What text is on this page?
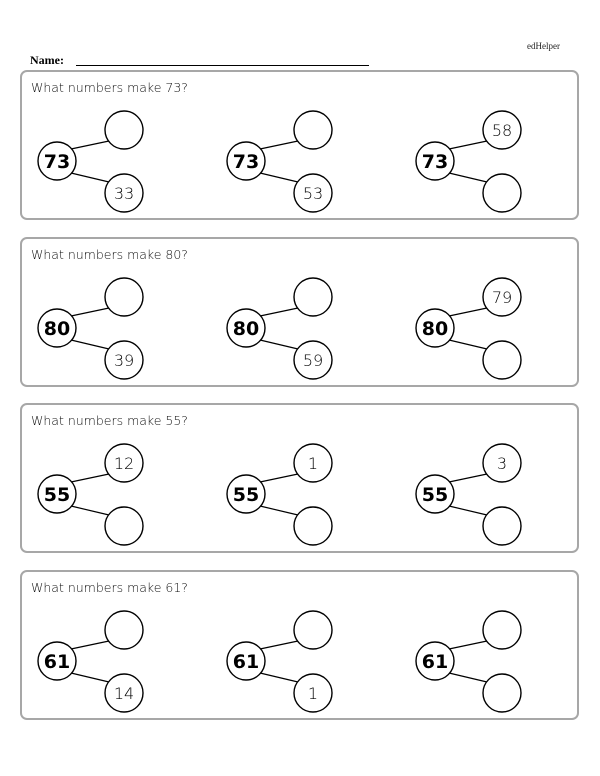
edHelper
Name:
What numbers make 73?
73
33
73
53
73
58
What numbers make 80?
80
39
80
59
80
79
What numbers make 55?
55
12
55
1
55
3
What numbers make 61?
61
14
61
1
61
